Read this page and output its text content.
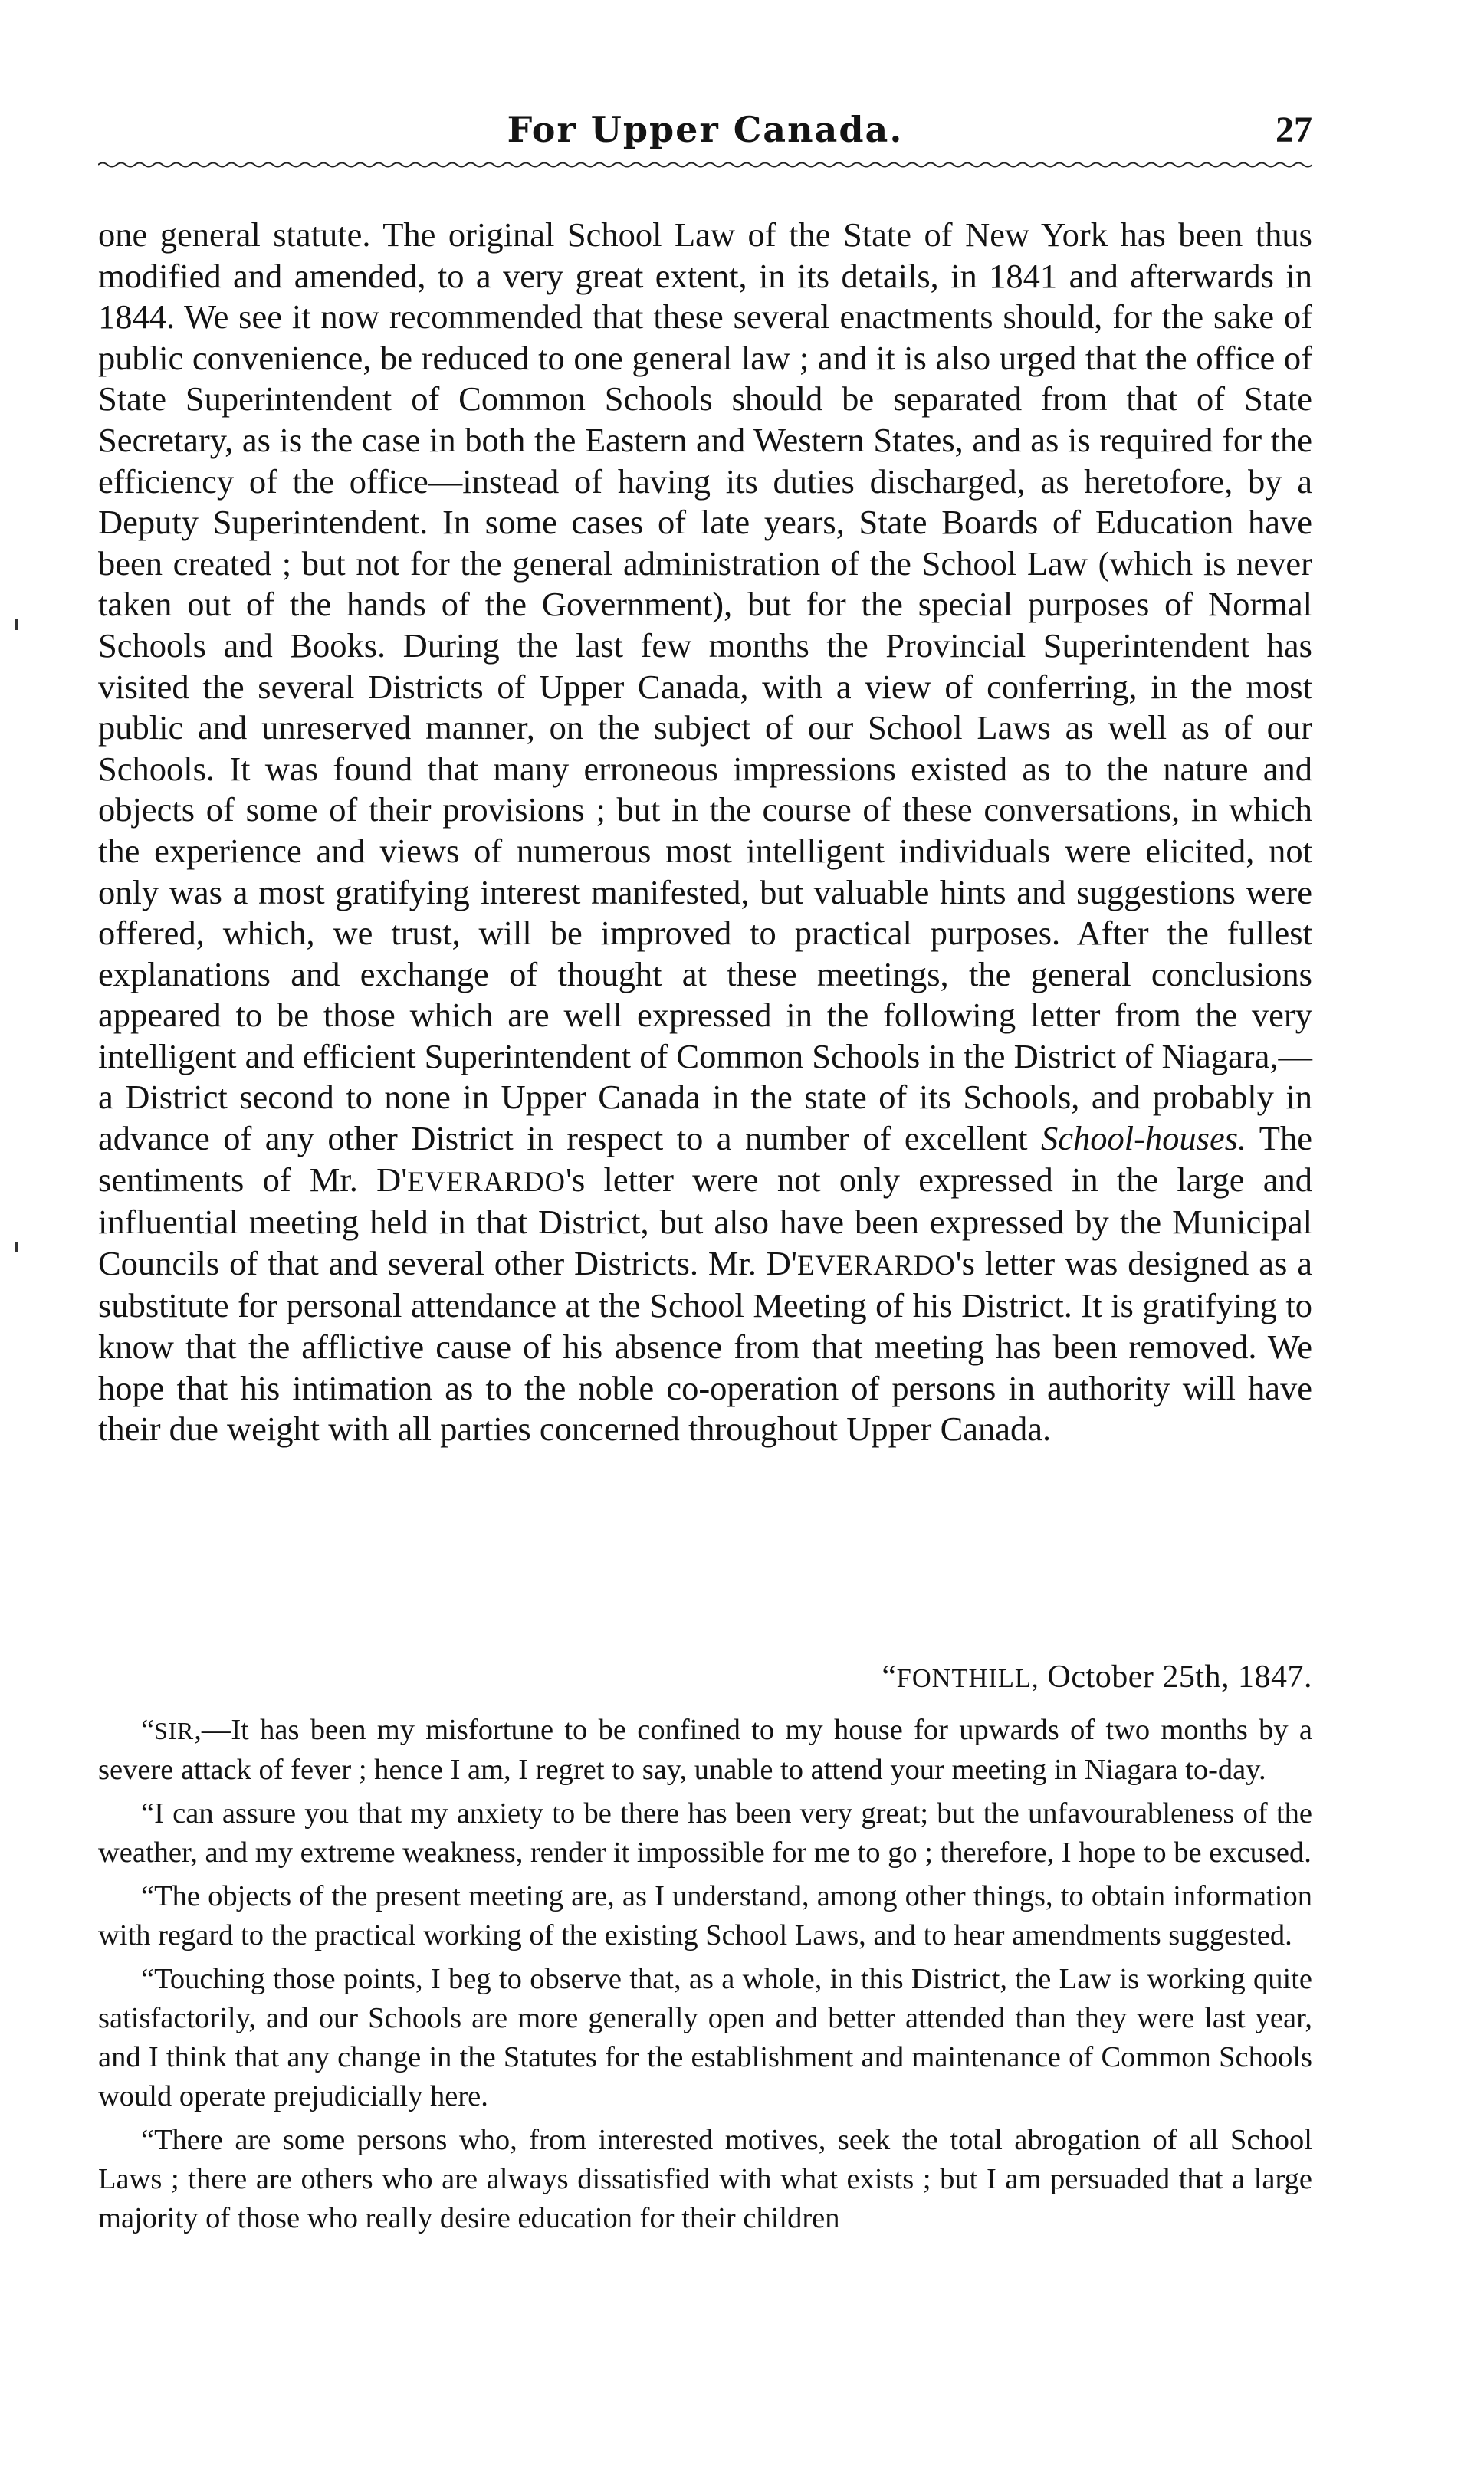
For Upper Canada.	27

one general statute. The original School Law of the State of New York has been thus modified and amended, to a very great extent, in its details, in 1841 and afterwards in 1844. We see it now recommended that these several enactments should, for the sake of public convenience, be reduced to one general law ; and it is also urged that the office of State Superintendent of Common Schools should be separated from that of State Secretary, as is the case in both the Eastern and Western States, and as is required for the efficiency of the office—instead of having its duties discharged, as heretofore, by a Deputy Superintendent. In some cases of late years, State Boards of Education have been created ; but not for the general administration of the School Law (which is never taken out of the hands of the Government), but for the special purposes of Normal Schools and Books. During the last few months the Provincial Superintendent has visited the several Districts of Upper Canada, with a view of conferring, in the most public and unreserved manner, on the subject of our School Laws as well as of our Schools. It was found that many erroneous impressions existed as to the nature and objects of some of their provisions ; but in the course of these conversations, in which the experience and views of numerous most intelligent individuals were elicited, not only was a most gratifying interest manifested, but valuable hints and suggestions were offered, which, we trust, will be improved to practical purposes. After the fullest explanations and exchange of thought at these meetings, the general conclusions appeared to be those which are well expressed in the following letter from the very intelligent and efficient Superintendent of Common Schools in the District of Niagara,—a District second to none in Upper Canada in the state of its Schools, and probably in advance of any other District in respect to a number of excellent School-houses. The sentiments of Mr. D'EVERARDO's letter were not only expressed in the large and influential meeting held in that District, but also have been expressed by the Municipal Councils of that and several other Districts. Mr. D'EVERARDO's letter was designed as a substitute for personal attendance at the School Meeting of his District. It is gratifying to know that the afflictive cause of his absence from that meeting has been removed. We hope that his intimation as to the noble co-operation of persons in authority will have their due weight with all parties concerned throughout Upper Canada.

“FONTHILL, October 25th, 1847.

“SIR,—It has been my misfortune to be confined to my house for upwards of two months by a severe attack of fever ; hence I am, I regret to say, unable to attend your meeting in Niagara to-day.

“I can assure you that my anxiety to be there has been very great; but the unfavourableness of the weather, and my extreme weakness, render it impossible for me to go ; therefore, I hope to be excused.

“The objects of the present meeting are, as I understand, among other things, to obtain information with regard to the practical working of the existing School Laws, and to hear amendments suggested.

“Touching those points, I beg to observe that, as a whole, in this District, the Law is working quite satisfactorily, and our Schools are more generally open and better attended than they were last year, and I think that any change in the Statutes for the establishment and maintenance of Common Schools would operate prejudicially here.

“There are some persons who, from interested motives, seek the total abrogation of all School Laws ; there are others who are always dissatisfied with what exists ; but I am persuaded that a large majority of those who really desire education for their children
